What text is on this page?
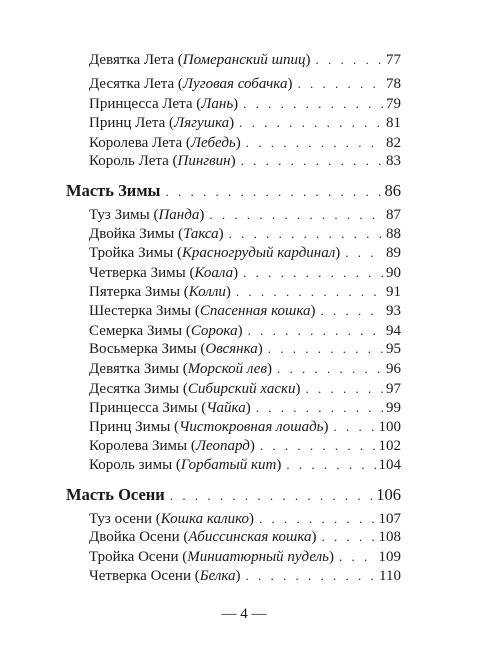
Девятка Лета (Померанский шпиц) . . .	77
Десятка Лета (Луговая собачка) . . .	78
Принцесса Лета (Лань) . . .	79
Принц Лета (Лягушка) . . .	81
Королева Лета (Лебедь) . . .	82
Король Лета (Пингвин) . . .	83
Масть Зимы . . .	86
Туз Зимы (Панда) . . .	87
Двойка Зимы (Такса) . . .	88
Тройка Зимы (Красногрудый кардинал) . . .	89
Четверка Зимы (Коала) . . .	90
Пятерка Зимы (Колли) . . .	91
Шестерка Зимы (Спасенная кошка) . . .	93
Семерка Зимы (Сорока) . . .	94
Восьмерка Зимы (Овсянка) . . .	95
Девятка Зимы (Морской лев) . . .	96
Десятка Зимы (Сибирский хаски) . . .	97
Принцесса Зимы (Чайка) . . .	99
Принц Зимы (Чистокровная лошадь) . . .	100
Королева Зимы (Леопард) . . .	102
Король зимы (Горбатый кит) . . .	104
Масть Осени . . .	106
Туз осени (Кошка калико) . . .	107
Двойка Осени (Абиссинская кошка) . . .	108
Тройка Осени (Миниатюрный пудель) . . .	109
Четверка Осени (Белка) . . .	110
— 4 —
